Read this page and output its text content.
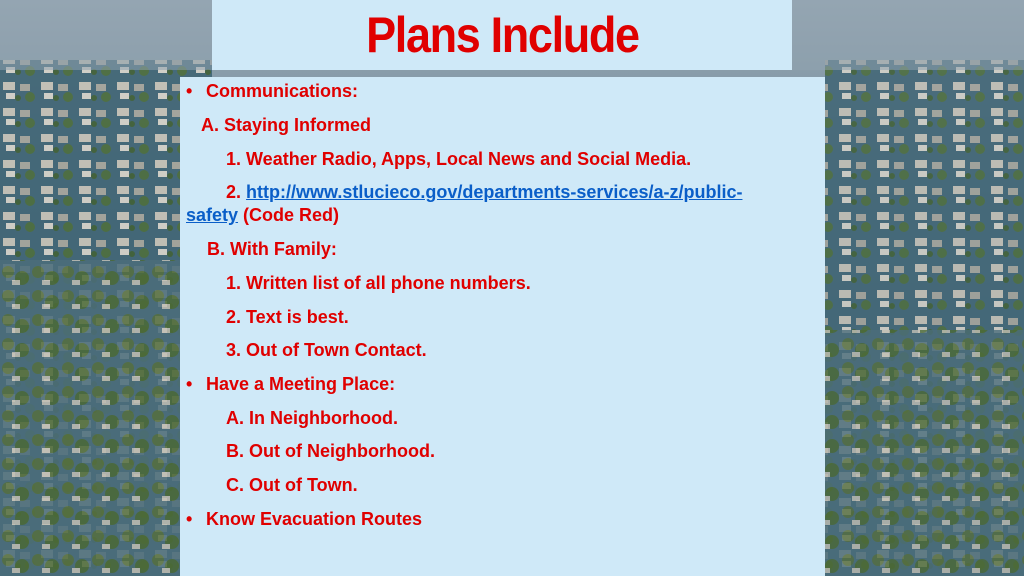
Plans Include

• Communications:

A. Staying Informed

1. Weather Radio, Apps, Local News and Social Media.

2. http://www.stlucieco.gov/departments-services/a-z/public-safety (Code Red)

B. With Family:

1. Written list of all phone numbers.

2. Text is best.

3. Out of Town Contact.

• Have a Meeting Place:

A. In Neighborhood.

B. Out of Neighborhood.

C. Out of Town.

• Know Evacuation Routes
